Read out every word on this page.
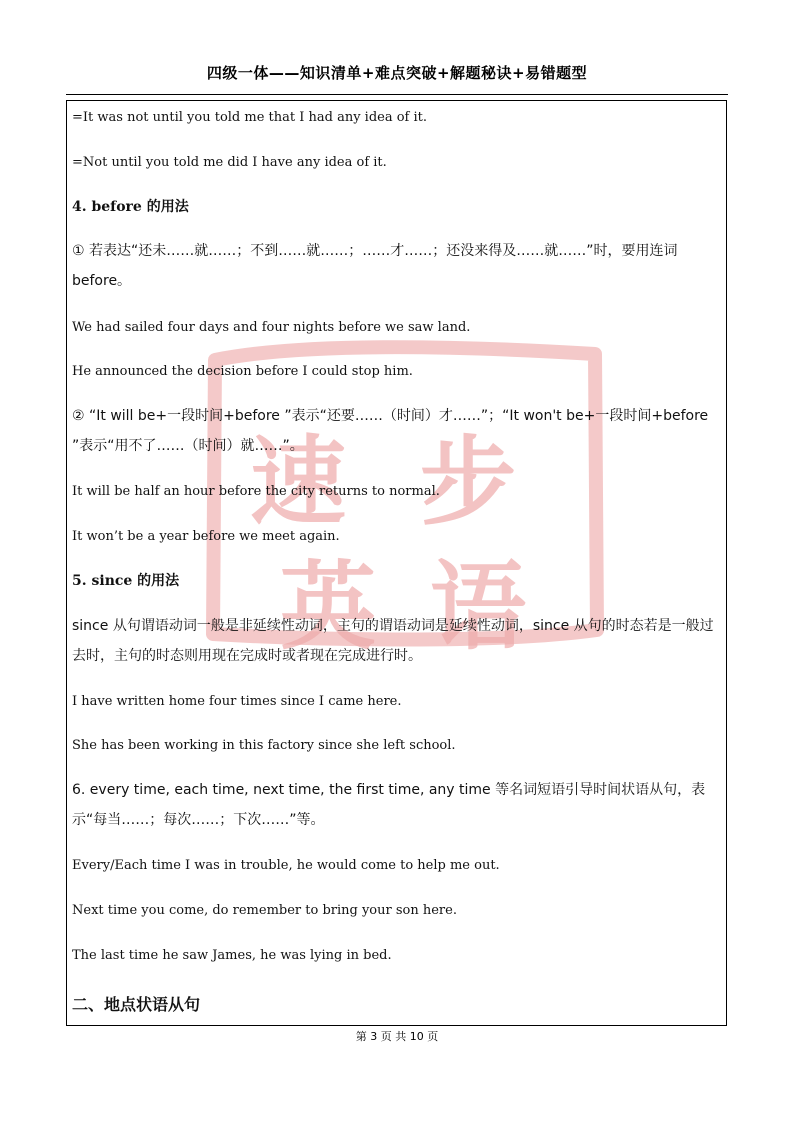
四级一体——知识清单+难点突破+解题秘诀+易错题型
速 步
英 语
=It was not until you told me that I had any idea of it.
=Not until you told me did I have any idea of it.
4. before 的用法
① 若表达“还未……就……；不到……就……；……才……；还没来得及……就……”时，要用连词 before。
We had sailed four days and four nights before we saw land.
He announced the decision before I could stop him.
② “It will be+一段时间+before ”表示“还要……（时间）才……”；“It won't be+一段时间+before ”表示“用不了……（时间）就……”。
It will be half an hour before the city returns to normal.
It won’t be a year before we meet again.
5. since 的用法
since 从句谓语动词一般是非延续性动词，主句的谓语动词是延续性动词，since 从句的时态若是一般过去时，主句的时态则用现在完成时或者现在完成进行时。
I have written home four times since I came here.
She has been working in this factory since she left school.
6. every time, each time, next time, the first time, any time 等名词短语引导时间状语从句，表示“每当……；每次……；下次……”等。
Every/Each time I was in trouble, he would come to help me out.
Next time you come, do remember to bring your son here.
The last time he saw James, he was lying in bed.
二、地点状语从句
第 3 页 共 10 页
